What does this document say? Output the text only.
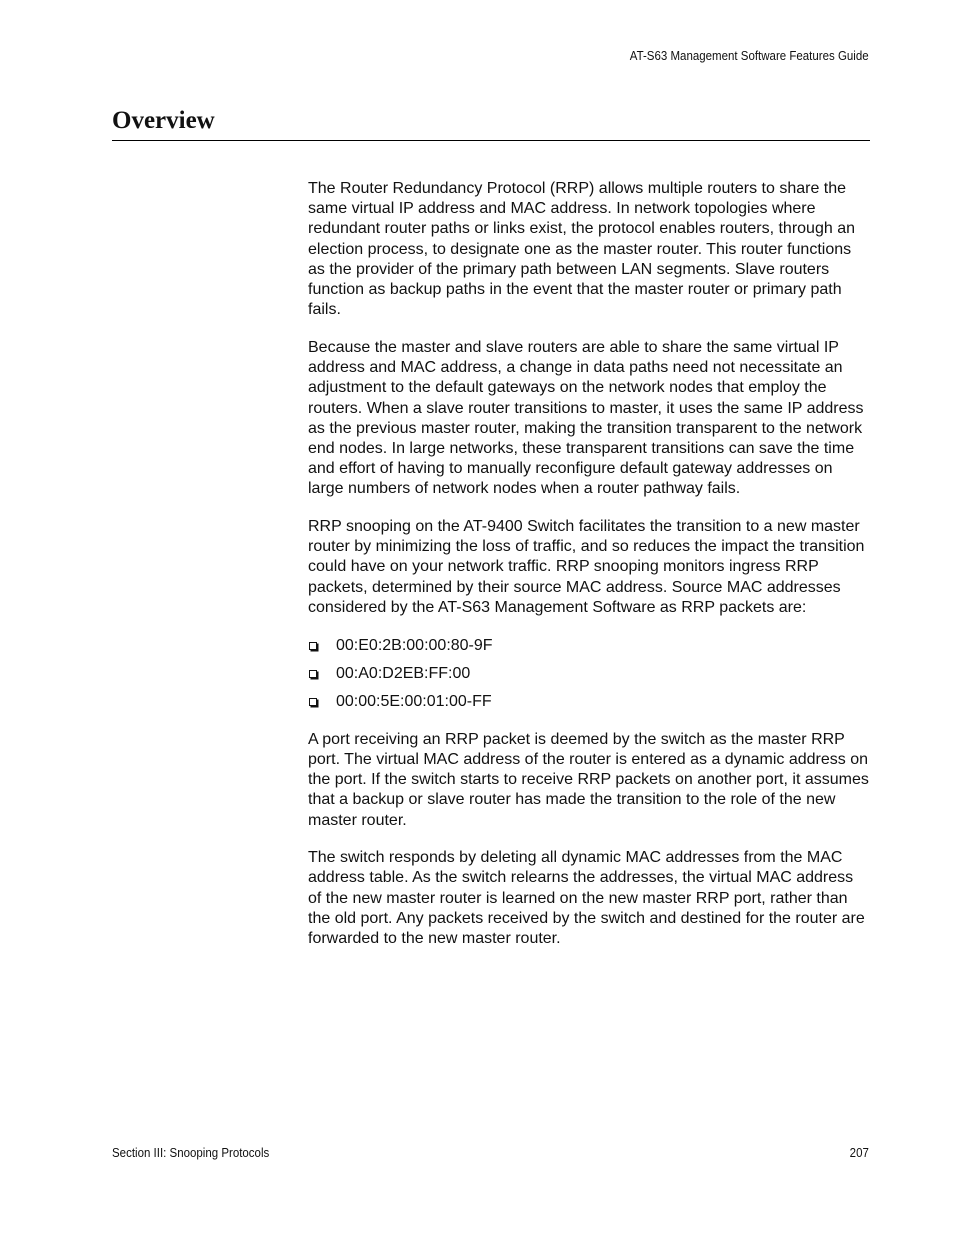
AT-S63 Management Software Features Guide
Overview

The Router Redundancy Protocol (RRP) allows multiple routers to share the same virtual IP address and MAC address. In network topologies where redundant router paths or links exist, the protocol enables routers, through an election process, to designate one as the master router. This router functions as the provider of the primary path between LAN segments. Slave routers function as backup paths in the event that the master router or primary path fails.

Because the master and slave routers are able to share the same virtual IP address and MAC address, a change in data paths need not necessitate an adjustment to the default gateways on the network nodes that employ the routers. When a slave router transitions to master, it uses the same IP address as the previous master router, making the transition transparent to the network end nodes. In large networks, these transparent transitions can save the time and effort of having to manually reconfigure default gateway addresses on large numbers of network nodes when a router pathway fails.

RRP snooping on the AT-9400 Switch facilitates the transition to a new master router by minimizing the loss of traffic, and so reduces the impact the transition could have on your network traffic. RRP snooping monitors ingress RRP packets, determined by their source MAC address. Source MAC addresses considered by the AT-S63 Management Software as RRP packets are:

00:E0:2B:00:00:80-9F
00:A0:D2EB:FF:00
00:00:5E:00:01:00-FF

A port receiving an RRP packet is deemed by the switch as the master RRP port. The virtual MAC address of the router is entered as a dynamic address on the port. If the switch starts to receive RRP packets on another port, it assumes that a backup or slave router has made the transition to the role of the new master router.

The switch responds by deleting all dynamic MAC addresses from the MAC address table. As the switch relearns the addresses, the virtual MAC address of the new master router is learned on the new master RRP port, rather than the old port. Any packets received by the switch and destined for the router are forwarded to the new master router.

Section III: Snooping Protocols	207
